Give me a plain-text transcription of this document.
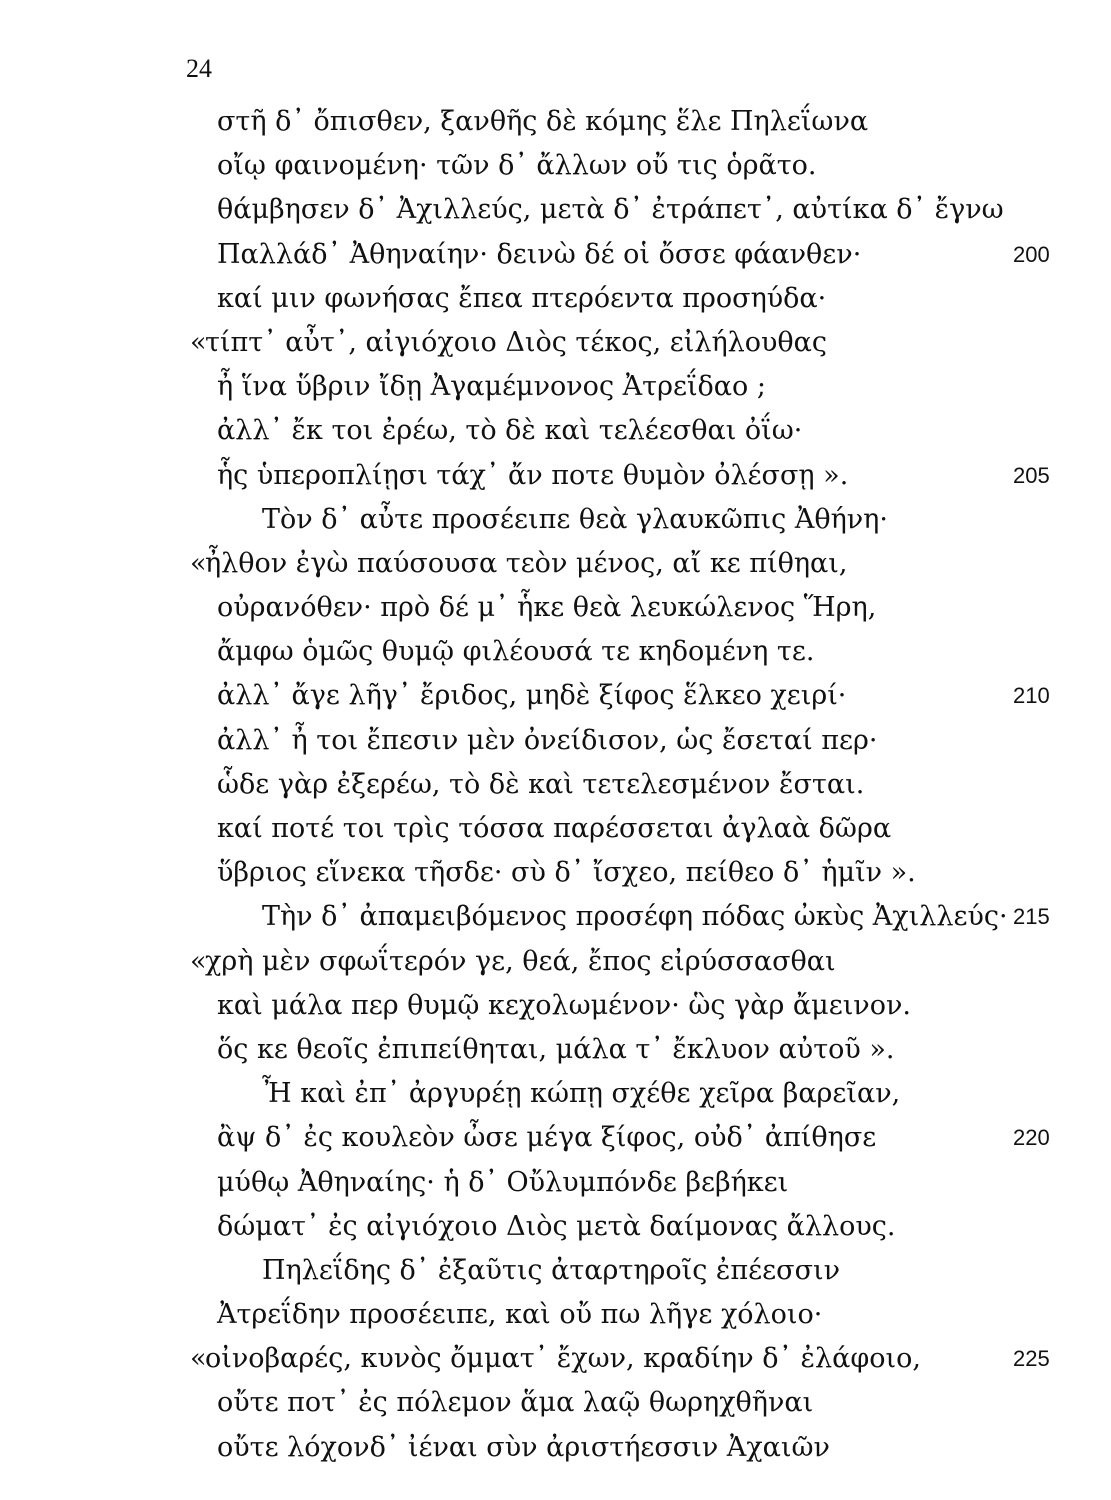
24
στῆ δ᾽ ὄπισθεν, ξανθῆς δὲ κόμης ἕλε Πηλεΐωνα
οἴῳ φαινομένη· τῶν δ᾽ ἄλλων οὔ τις ὁρᾶτο.
θάμβησεν δ᾽ Ἀχιλλεύς, μετὰ δ᾽ ἐτράπετ᾽, αὐτίκα δ᾽ ἔγνω
Παλλάδ᾽ Ἀθηναίην· δεινὼ δέ οἱ ὄσσε φάανθεν·	200
καί μιν φωνήσας ἔπεα πτερόεντα προσηύδα·
«
τίπτ᾽ αὖτ᾽, αἰγιόχοιο Διὸς τέκος, εἰλήλουθας
ἦ ἵνα ὕβριν ἴδῃ Ἀγαμέμνονος Ἀτρεΐδαο ;
ἀλλ᾽ ἔκ τοι ἐρέω, τὸ δὲ καὶ τελέεσθαι ὀΐω·
ἧς ὑπεροπλίῃσι τάχ᾽ ἄν ποτε θυμὸν ὀλέσσῃ ».	205
Τὸν δ᾽ αὖτε προσέειπε θεὰ γλαυκῶπις Ἀθήνη·
«
ἦλθον ἐγὼ παύσουσα τεὸν μένος, αἴ κε πίθηαι,
οὐρανόθεν· πρὸ δέ μ᾽ ἧκε θεὰ λευκώλενος Ἥρη,
ἄμφω ὁμῶς θυμῷ φιλέουσά τε κηδομένη τε.
ἀλλ᾽ ἄγε λῆγ᾽ ἔριδος, μηδὲ ξίφος ἕλκεο χειρί·	210
ἀλλ᾽ ἦ τοι ἔπεσιν μὲν ὀνείδισον, ὡς ἔσεταί περ·
ὧδε γὰρ ἐξερέω, τὸ δὲ καὶ τετελεσμένον ἔσται.
καί ποτέ τοι τρὶς τόσσα παρέσσεται ἀγλαὰ δῶρα
ὕβριος εἵνεκα τῆσδε· σὺ δ᾽ ἴσχεο, πείθεο δ᾽ ἡμῖν ».
Τὴν δ᾽ ἀπαμειβόμενος προσέφη πόδας ὠκὺς Ἀχιλλεύς· 215
«
χρὴ μὲν σφωΐτερόν γε, θεά, ἔπος εἰρύσσασθαι
καὶ μάλα περ θυμῷ κεχολωμένον· ὣς γὰρ ἄμεινον.
ὅς κε θεοῖς ἐπιπείθηται, μάλα τ᾽ ἔκλυον αὐτοῦ ».
Ἦ καὶ ἐπ᾽ ἀργυρέῃ κώπῃ σχέθε χεῖρα βαρεῖαν,
ἂψ δ᾽ ἐς κουλεὸν ὦσε μέγα ξίφος, οὐδ᾽ ἀπίθησε	220
μύθῳ Ἀθηναίης· ἡ δ᾽ Οὔλυμπόνδε βεβήκει
δώματ᾽ ἐς αἰγιόχοιο Διὸς μετὰ δαίμονας ἄλλους.
Πηλεΐδης δ᾽ ἐξαῦτις ἀταρτηροῖς ἐπέεσσιν
Ἀτρεΐδην προσέειπε, καὶ οὔ πω λῆγε χόλοιο·
«
οἰνοβαρές, κυνὸς ὄμματ᾽ ἔχων, κραδίην δ᾽ ἐλάφοιο,	225
οὔτε ποτ᾽ ἐς πόλεμον ἅμα λαῷ θωρηχθῆναι
οὔτε λόχονδ᾽ ἰέναι σὺν ἀριστήεσσιν Ἀχαιῶν
